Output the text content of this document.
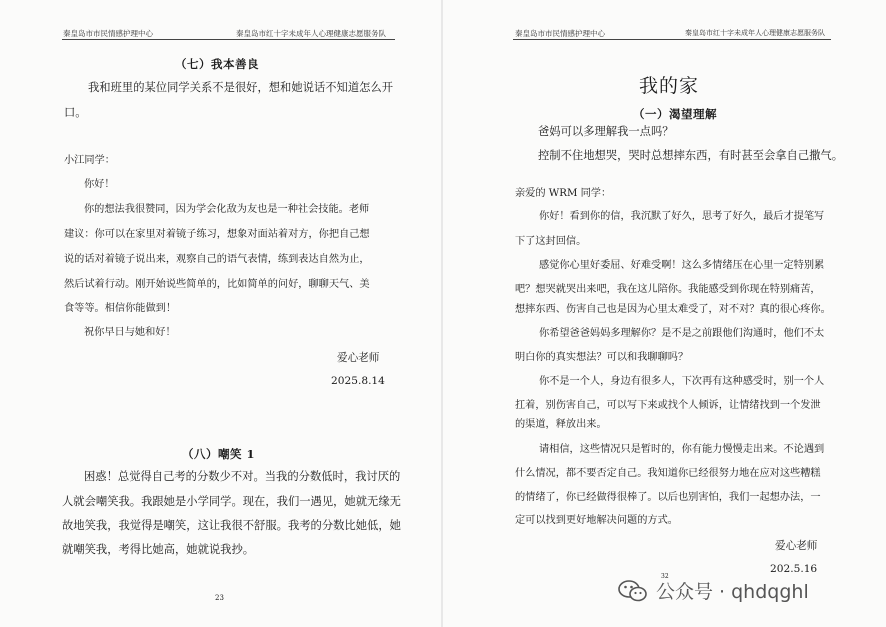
秦皇岛市市民情感护理中心	秦皇岛市红十字未成年人心理健康志愿服务队
（七）我本善良
我和班里的某位同学关系不是很好，想和她说话不知道怎么开
口。
小江同学：
你好！
你的想法我很赞同，因为学会化敌为友也是一种社会技能。老师
建议：你可以在家里对着镜子练习，想象对面站着对方，你把自己想
说的话对着镜子说出来，观察自己的语气表情，练到表达自然为止，
然后试着行动。刚开始说些简单的，比如简单的问好，聊聊天气、美
食等等。相信你能做到！
祝你早日与她和好！
爱心老师
2025.8.14
（八）嘲笑 1
困惑！总觉得自己考的分数少不对。当我的分数低时，我讨厌的
人就会嘲笑我。我跟她是小学同学。现在，我们一遇见，她就无缘无
故地笑我，我觉得是嘲笑，这让我很不舒服。我考的分数比她低，她
就嘲笑我，考得比她高，她就说我抄。
23
秦皇岛市市民情感护理中心	秦皇岛市红十字未成年人心理健康志愿服务队
我的家
（一）渴望理解
爸妈可以多理解我一点吗？
控制不住地想哭，哭时总想摔东西，有时甚至会拿自己撒气。
亲爱的 WRM 同学：
你好！看到你的信，我沉默了好久，思考了好久，最后才提笔写
下了这封回信。
感觉你心里好委屈、好难受啊！这么多情绪压在心里一定特别累
吧？想哭就哭出来吧，我在这儿陪你。我能感受到你现在特别痛苦，
想摔东西、伤害自己也是因为心里太难受了，对不对？真的很心疼你。
你希望爸爸妈妈多理解你？是不是之前跟他们沟通时，他们不太
明白你的真实想法？可以和我聊聊吗？
你不是一个人，身边有很多人，下次再有这种感受时，别一个人
扛着，别伤害自己，可以写下来或找个人倾诉，让情绪找到一个发泄
的渠道，释放出来。
请相信，这些情况只是暂时的，你有能力慢慢走出来。不论遇到
什么情况，都不要否定自己。我知道你已经很努力地在应对这些糟糕
的情绪了，你已经做得很棒了。以后也别害怕，我们一起想办法，一
定可以找到更好地解决问题的方式。
爱心老师
202.5.16
32
公众号 · qhdqghl
